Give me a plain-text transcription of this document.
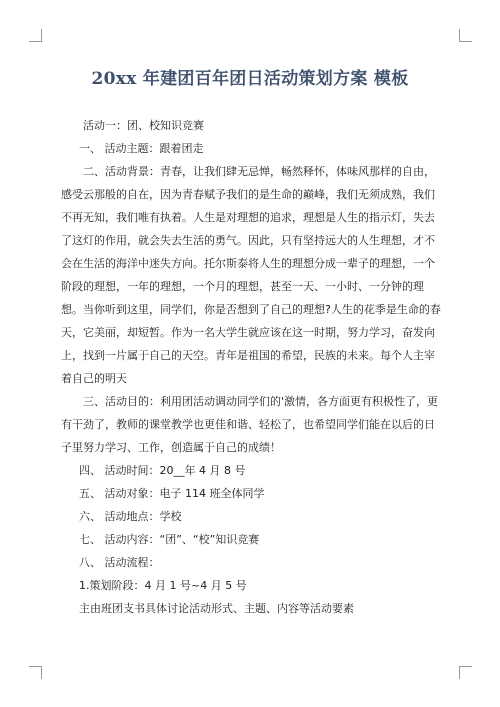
20xx 年建团百年团日活动策划方案 模板

活动一：团、校知识竞赛

一、 活动主题：跟着团走

二、活动背景：青春，让我们肆无忌惮，畅然释怀，体味风那样的自由，感受云那般的自在，因为青春赋予我们的是生命的巅峰，我们无须成熟，我们不再无知，我们唯有执着。人生是对理想的追求，理想是人生的指示灯，失去了这灯的作用，就会失去生活的勇气。因此，只有坚持远大的人生理想，才不会在生活的海洋中迷失方向。托尔斯泰将人生的理想分成一辈子的理想，一个阶段的理想，一年的理想，一个月的理想，甚至一天、一小时、一分钟的理想。当你听到这里，同学们，你是否想到了自己的理想?人生的花季是生命的春天，它美丽，却短暂。作为一名大学生就应该在这一时期，努力学习，奋发向上，找到一片属于自己的天空。青年是祖国的希望，民族的未来。每个人主宰着自己的明天

三、活动目的：利用团活动调动同学们的'激情，各方面更有积极性了，更有干劲了，教师的课堂教学也更佳和谐、轻松了，也希望同学们能在以后的日子里努力学习、工作，创造属于自己的成绩！

四、 活动时间：20__年 4 月 8 号

五、 活动对象：电子 114 班全体同学

六、 活动地点：学校

七、 活动内容：“团”、“校”知识竞赛

八、 活动流程：

1.策划阶段：4 月 1 号~4 月 5 号

主由班团支书具体讨论活动形式、主题、内容等活动要素
